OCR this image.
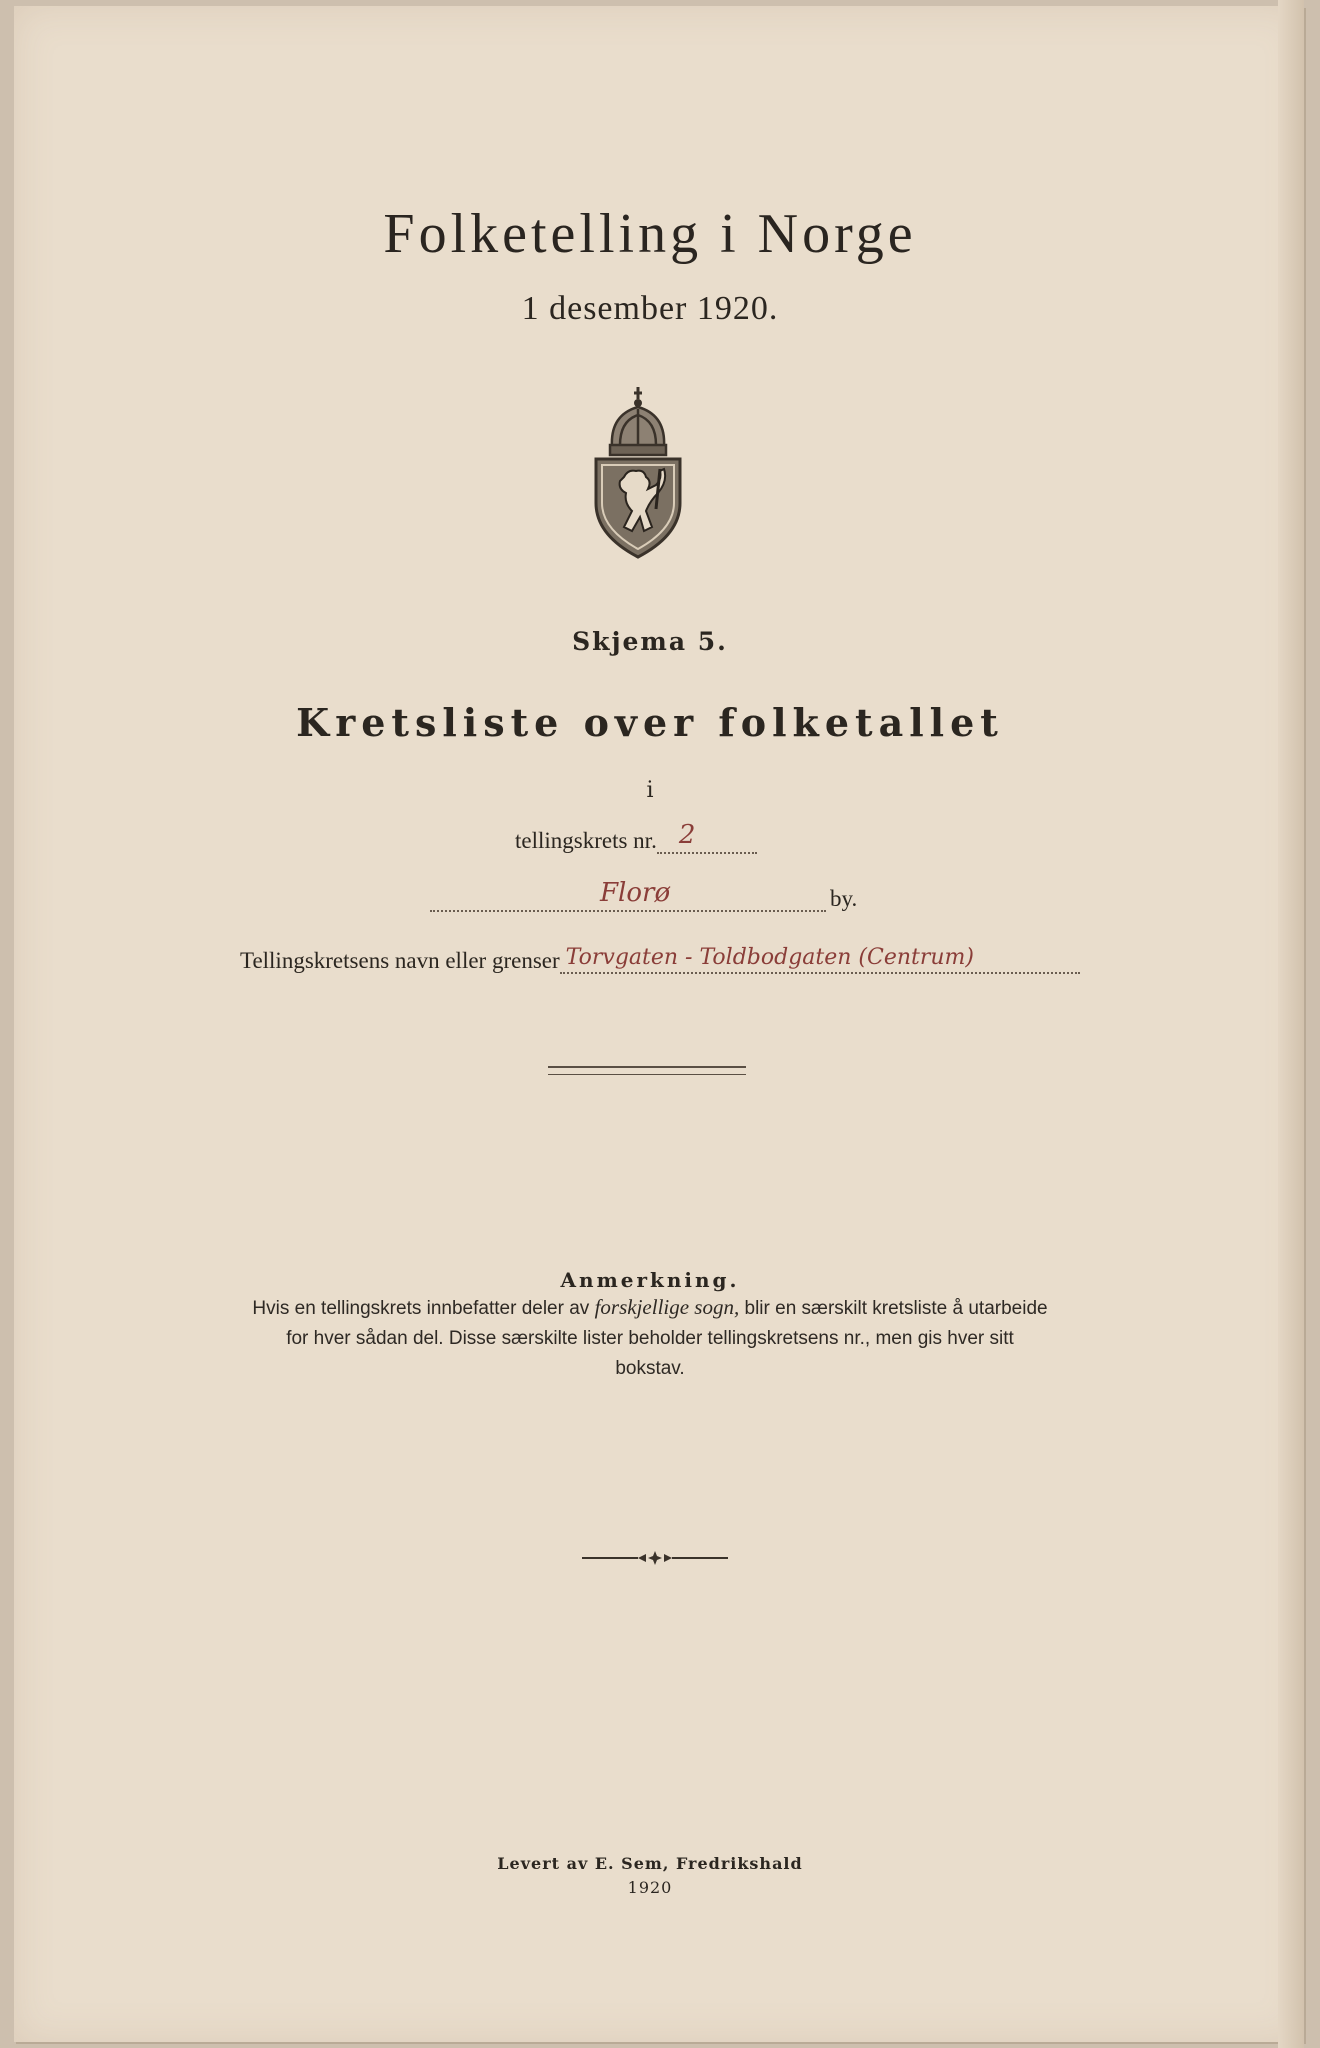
Folketelling i Norge
1 desember 1920.
Skjema 5.
Kretsliste over folketallet
i
tellingskrets nr. 2
Florø	by.
Tellingskretsens navn eller grenser Torvgaten - Toldbodgaten (Centrum)
Anmerkning.
Hvis en tellingskrets innbefatter deler av forskjellige sogn, blir en særskilt kretsliste å utarbeide for hver sådan del. Disse særskilte lister beholder tellingskretsens nr., men gis hver sitt bokstav.
Levert av E. Sem, Fredrikshald
1920
